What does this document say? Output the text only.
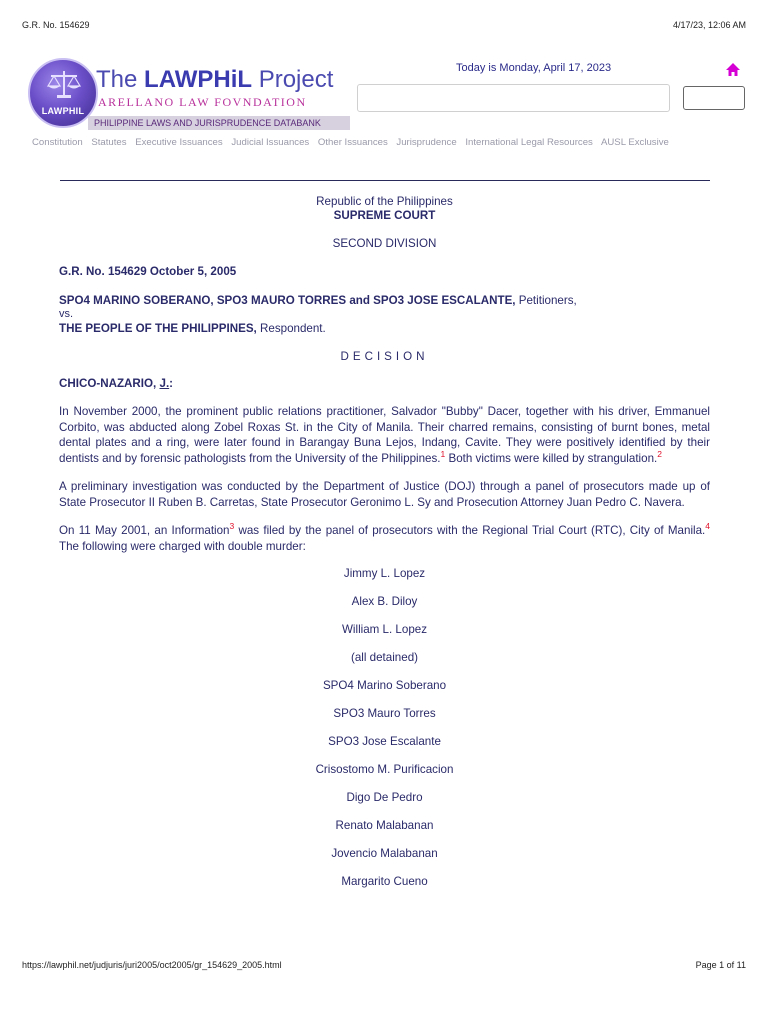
G.R. No. 154629	4/17/23, 12:06 AM
LAWPHIL
The LAWPHiL Project
ARELLANO LAW FOVNDATION
PHILIPPINE LAWS AND JURISPRUDENCE DATABANK
Today is Monday, April 17, 2023
Constitution Statutes Executive Issuances Judicial Issuances Other Issuances Jurisprudence International Legal Resources AUSL Exclusive
Republic of the Philippines
SUPREME COURT
SECOND DIVISION
G.R. No. 154629 October 5, 2005
SPO4 MARINO SOBERANO, SPO3 MAURO TORRES and SPO3 JOSE ESCALANTE, Petitioners,
vs.
THE PEOPLE OF THE PHILIPPINES, Respondent.
DECISION
CHICO-NAZARIO, J.:

In November 2000, the prominent public relations practitioner, Salvador "Bubby" Dacer, together with his driver, Emmanuel Corbito, was abducted along Zobel Roxas St. in the City of Manila. Their charred remains, consisting of burnt bones, metal dental plates and a ring, were later found in Barangay Buna Lejos, Indang, Cavite. They were positively identified by their dentists and by forensic pathologists from the University of the Philippines.$^1$ Both victims were killed by strangulation.$^2$

A preliminary investigation was conducted by the Department of Justice (DOJ) through a panel of prosecutors made up of State Prosecutor II Ruben B. Carretas, State Prosecutor Geronimo L. Sy and Prosecution Attorney Juan Pedro C. Navera.

On 11 May 2001, an Information$^3$ was filed by the panel of prosecutors with the Regional Trial Court (RTC), City of Manila.$^4$ The following were charged with double murder:

Jimmy L. Lopez
Alex B. Diloy
William L. Lopez
(all detained)
SPO4 Marino Soberano
SPO3 Mauro Torres
SPO3 Jose Escalante
Crisostomo M. Purificacion
Digo De Pedro
Renato Malabanan
Jovencio Malabanan
Margarito Cueno
https://lawphil.net/judjuris/juri2005/oct2005/gr_154629_2005.html	Page 1 of 11
